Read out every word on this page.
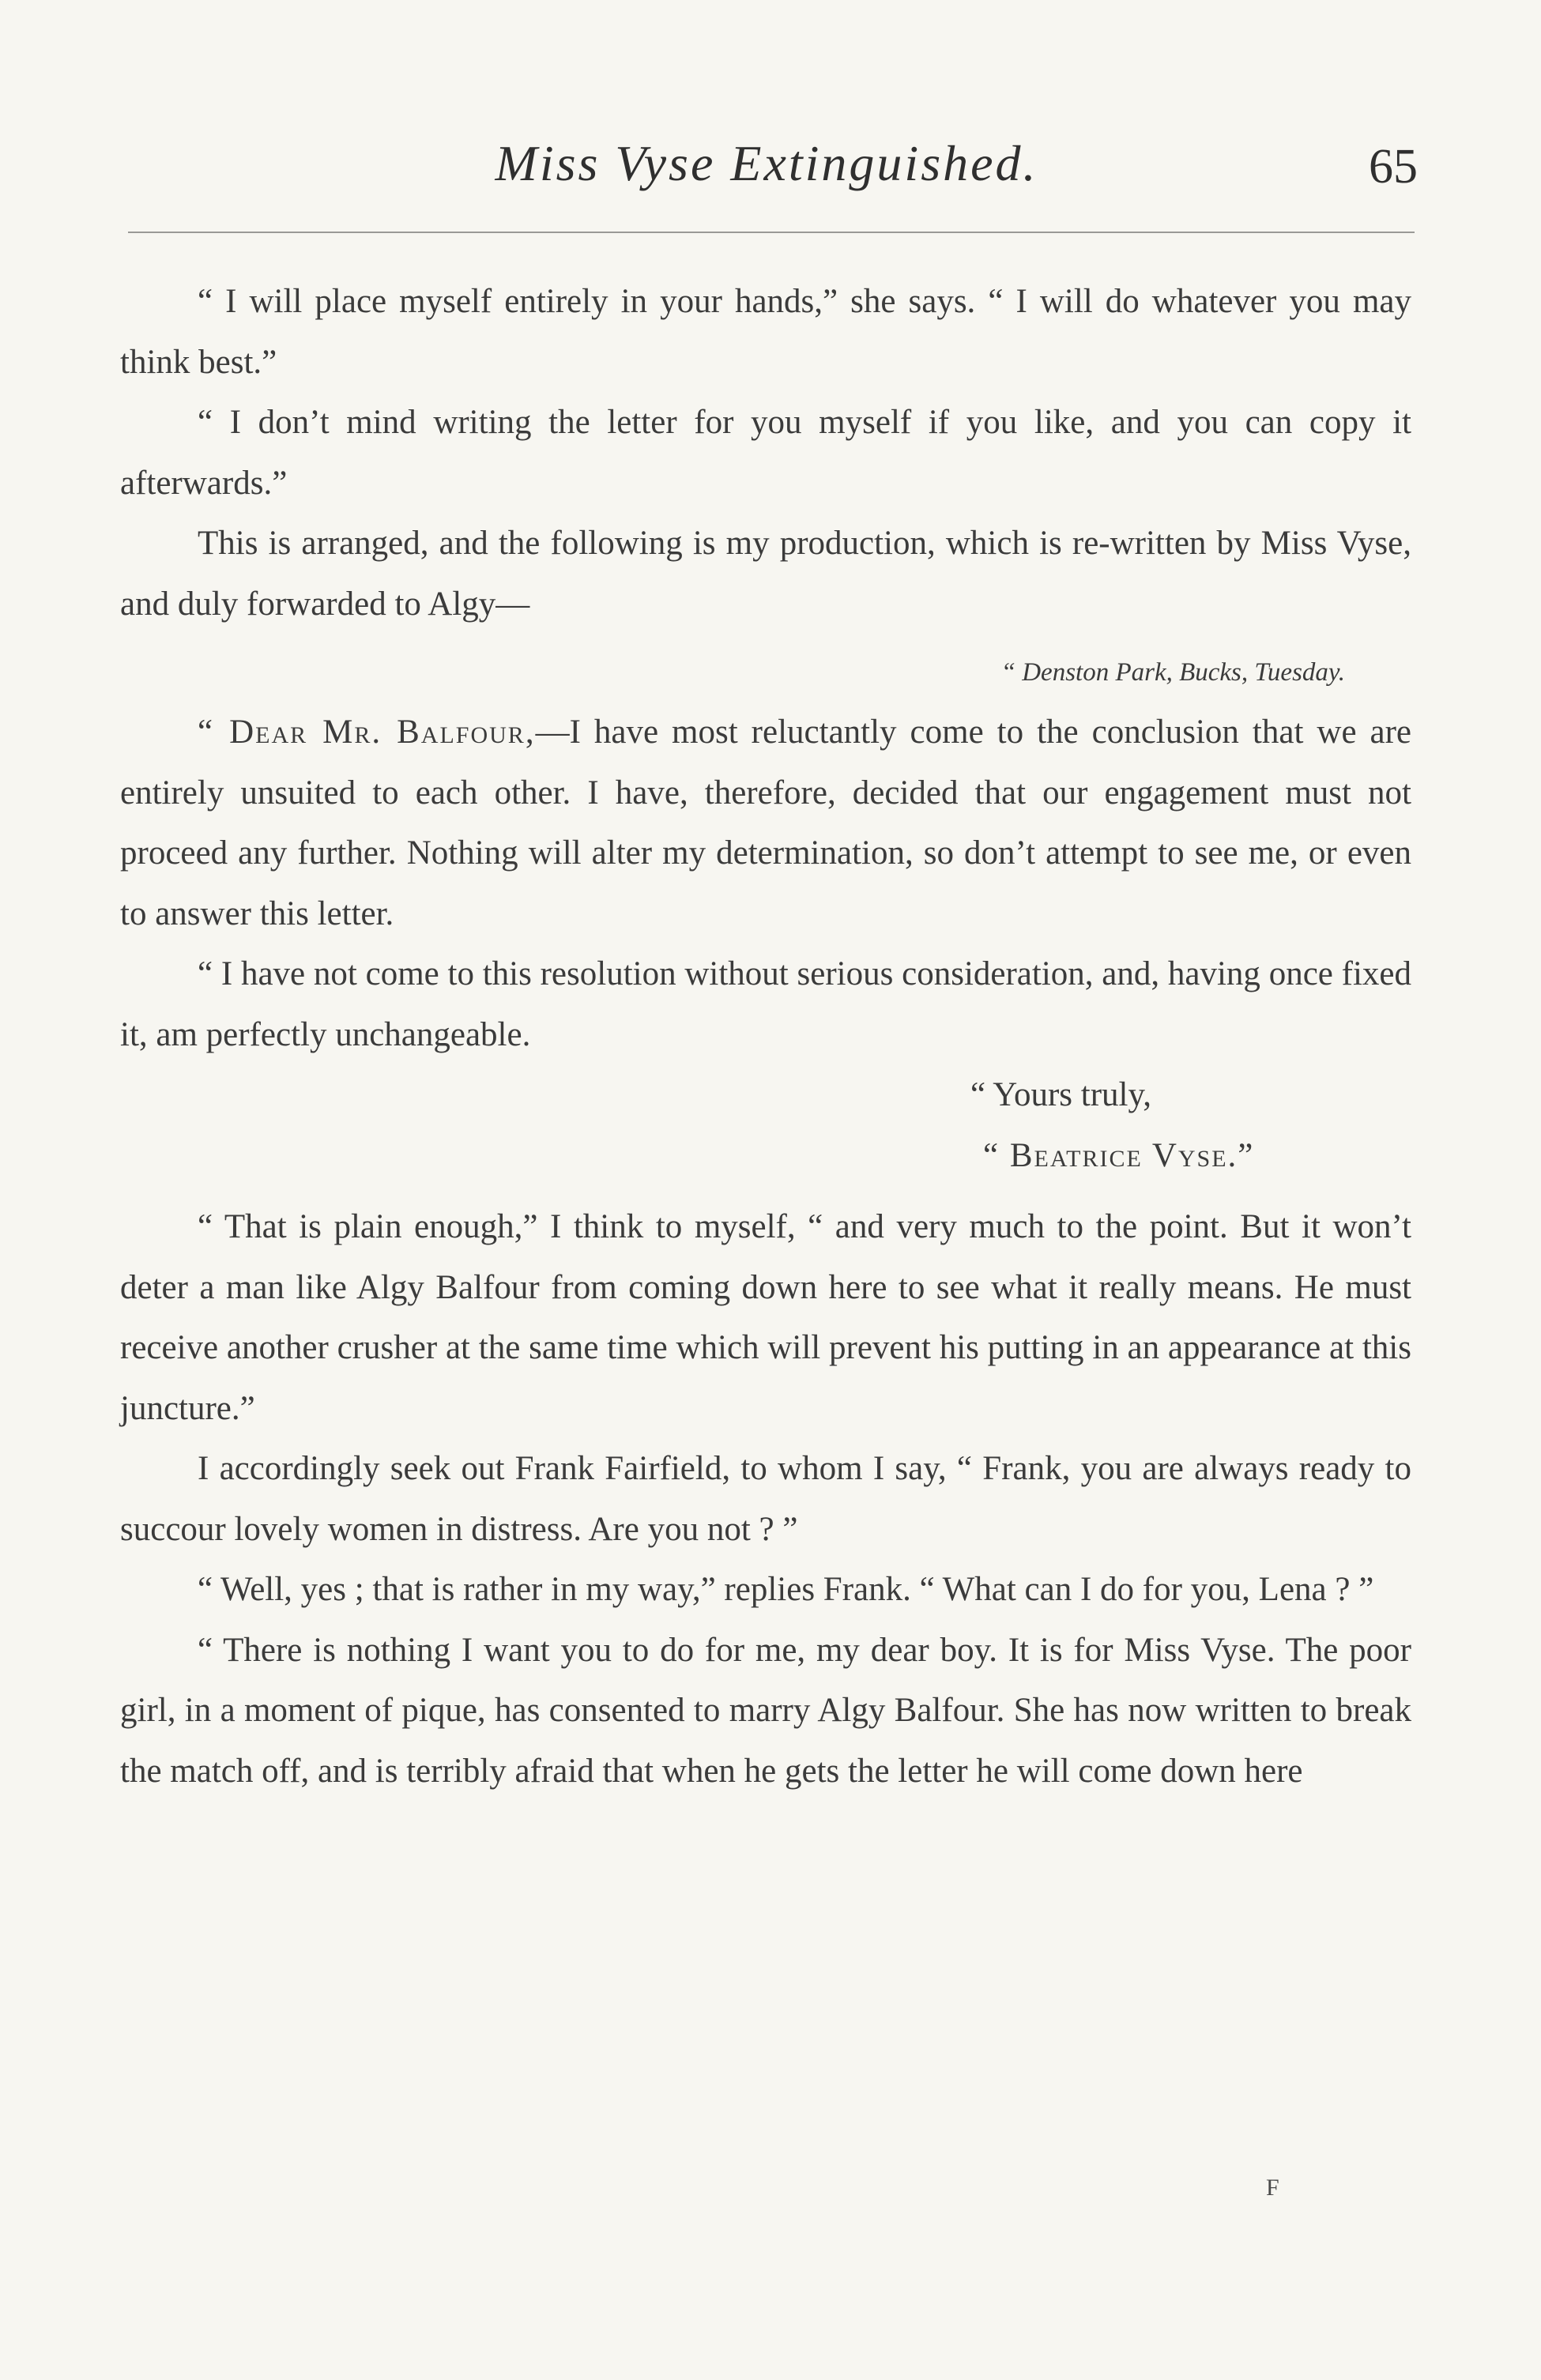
Miss Vyse Extinguished.	65

“ I will place myself entirely in your hands,” she says. “ I will do whatever you may think best.”

“ I don’t mind writing the letter for you myself if you like, and you can copy it afterwards.”

This is arranged, and the following is my production, which is re-written by Miss Vyse, and duly forwarded to Algy—

“ Denston Park, Bucks, Tuesday.

“ Dear Mr. Balfour,—I have most reluctantly come to the conclusion that we are entirely unsuited to each other. I have, therefore, decided that our engagement must not proceed any further. Nothing will alter my determination, so don’t attempt to see me, or even to answer this letter.

“ I have not come to this resolution without serious consideration, and, having once fixed it, am perfectly unchangeable.

“ Yours truly,

“ Beatrice Vyse.”

“ That is plain enough,” I think to myself, “ and very much to the point. But it won’t deter a man like Algy Balfour from coming down here to see what it really means. He must receive another crusher at the same time which will prevent his putting in an appearance at this juncture.”

I accordingly seek out Frank Fairfield, to whom I say, “ Frank, you are always ready to succour lovely women in distress. Are you not ? ”

“ Well, yes ; that is rather in my way,” replies Frank. “ What can I do for you, Lena ? ”

“ There is nothing I want you to do for me, my dear boy. It is for Miss Vyse. The poor girl, in a moment of pique, has consented to marry Algy Balfour. She has now written to break the match off, and is terribly afraid that when he gets the letter he will come down here

F
